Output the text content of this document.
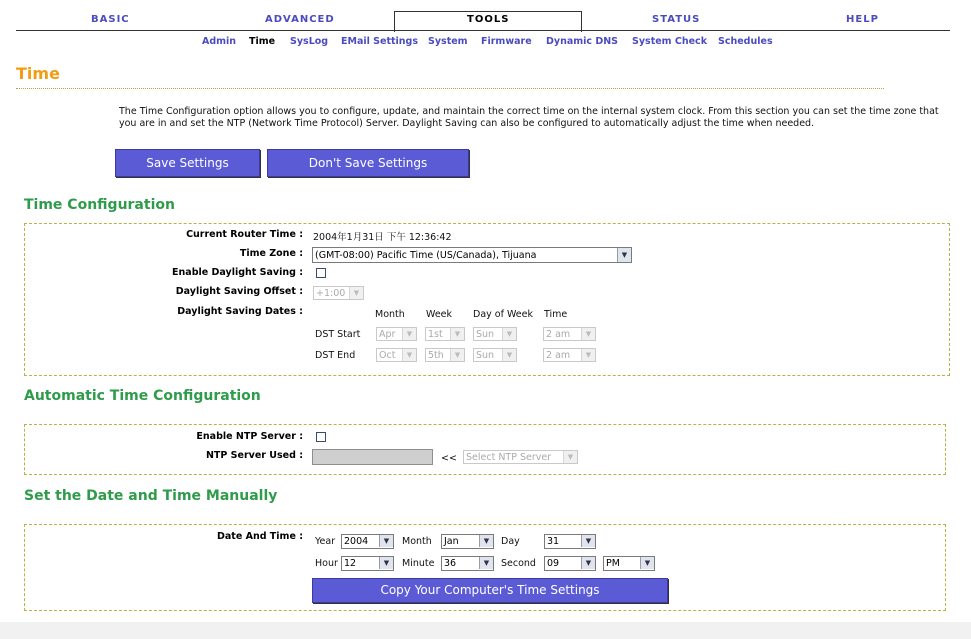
BASIC	ADVANCED	TOOLS	STATUS	HELP
Admin Time SysLog EMail Settings System Firmware Dynamic DNS System Check Schedules
Time
The Time Configuration option allows you to configure, update, and maintain the correct time on the internal system clock. From this section you can set the time zone that you are in and set the NTP (Network Time Protocol) Server. Daylight Saving can also be configured to automatically adjust the time when needed.
Save Settings	Don't Save Settings
Time Configuration
Current Router Time : 2004年1月31日 下午 12:36:42
Time Zone :	(GMT-08:00) Pacific Time (US/Canada), Tijuana	▼
Enable Daylight Saving :
Daylight Saving Offset :	+1:00	▼
Daylight Saving Dates :	Month Week Day of Week Time
DST Start	Apr	▼	1st	▼	Sun	▼	2 am	▼
DST End	Oct	▼	5th	▼	Sun	▼	2 am	▼
Automatic Time Configuration
Enable NTP Server :
NTP Server Used :	<< Select NTP Server	▼
Set the Date and Time Manually
Date And Time : Year 2004	▼	Month	Jan	▼	Day	31	▼
Hour 12	▼	Minute	36	▼	Second	09	▼	PM	▼
Copy Your Computer's Time Settings
